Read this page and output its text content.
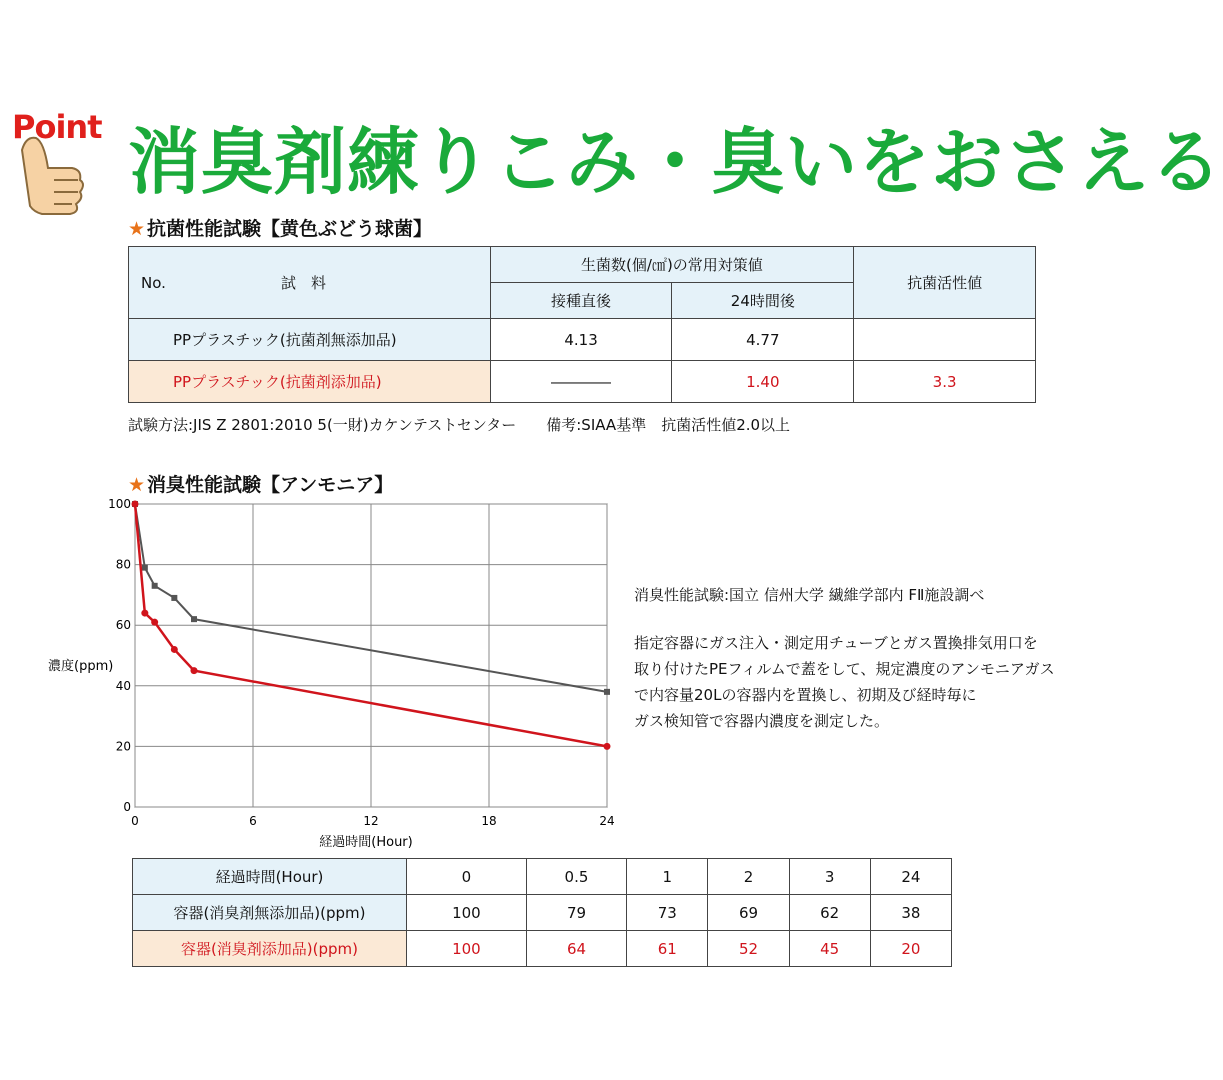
Point 消臭剤練りこみ・臭いをおさえる
★ 抗菌性能試験【黄色ぶどう球菌】
No. 試　料	生菌数(個/㎠)の常用対策値		抗菌活性値
	接種直後	24時間後	
PPプラスチック(抗菌剤無添加品)	4.13	4.77	
PPプラスチック(抗菌剤添加品)	――――	1.40	3.3
試験方法:JIS Z 2801:2010 5(一財)カケンテストセンター　　備考:SIAA基準　抗菌活性値2.0以上
★ 消臭性能試験【アンモニア】
0
20
40
60
80
100
0	6	12	18	24
濃度(ppm)
経過時間(Hour)

消臭性能試験:国立 信州大学 繊維学部内 FⅡ施設調べ

指定容器にガス注入・測定用チューブとガス置換排気用口を

取り付けたPEフィルムで蓋をして、規定濃度のアンモニアガス

で内容量20Lの容器内を置換し、初期及び経時毎に

ガス検知管で容器内濃度を測定した。

経過時間(Hour)	0	0.5	1	2	3	24
容器(消臭剤無添加品)(ppm)	100	79	73	69	62	38
容器(消臭剤添加品)(ppm)	100	64	61	52	45	20
